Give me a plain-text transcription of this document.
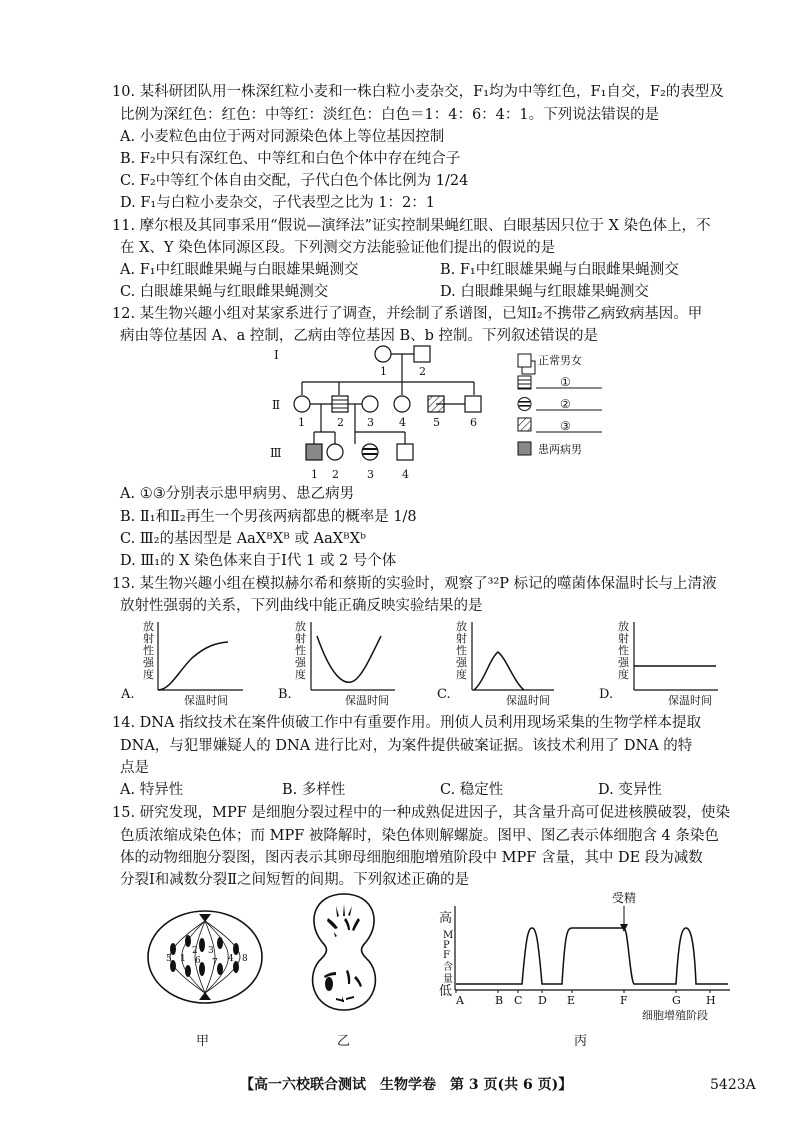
10. 某科研团队用一株深红粒小麦和一株白粒小麦杂交，F₁均为中等红色，F₁自交，F₂的表型及
比例为深红色：红色：中等红：淡红色：白色＝1：4：6：4：1。下列说法错误的是
A. 小麦粒色由位于两对同源染色体上等位基因控制
B. F₂中只有深红色、中等红和白色个体中存在纯合子
C. F₂中等红个体自由交配，子代白色个体比例为 1/24
D. F₁与白粒小麦杂交，子代表型之比为 1：2：1
11. 摩尔根及其同事采用“假说—演绎法”证实控制果蝇红眼、白眼基因只位于 X 染色体上，不
在 X、Y 染色体同源区段。下列测交方法能验证他们提出的假说的是
A. F₁中红眼雌果蝇与白眼雄果蝇测交	B. F₁中红眼雄果蝇与白眼雌果蝇测交
C. 白眼雄果蝇与红眼雌果蝇测交	D. 白眼雌果蝇与红眼雄果蝇测交
12. 某生物兴趣小组对某家系进行了调查，并绘制了系谱图，已知Ⅰ₂不携带乙病致病基因。甲
病由等位基因 A、a 控制，乙病由等位基因 B、b 控制。下列叙述错误的是
Ⅰ
Ⅱ
Ⅲ
1	2
1	2 3 4 5	6
1 2	3	4
正常男女
①
②
③
患两病男
A. ①③分别表示患甲病男、患乙病男
B. Ⅱ₁和Ⅱ₂再生一个男孩两病都患的概率是 1/8
C. Ⅲ₂的基因型是 AaXᴮXᴮ 或 AaXᴮXᵇ
D. Ⅲ₁的 X 染色体来自于Ⅰ代 1 或 2 号个体
13. 某生物兴趣小组在模拟赫尔希和蔡斯的实验时，观察了³²P 标记的噬菌体保温时长与上清液
放射性强弱的关系，下列曲线中能正确反映实验结果的是
A.
放
射
性
强
度
保温时间	B.
放
射
性
强
度
保温时间	C.
放
射
性
强
度
保温时间	D.
放
射
性
强
度
保温时间
14. DNA 指纹技术在案件侦破工作中有重要作用。刑侦人员利用现场采集的生物学样本提取
DNA，与犯罪嫌疑人的 DNA 进行比对，为案件提供破案证据。该技术利用了 DNA 的特
点是
A. 特异性	B. 多样性	C. 稳定性	D. 变异性
15. 研究发现，MPF 是细胞分裂过程中的一种成熟促进因子，其含量升高可促进核膜破裂，使染
色质浓缩成染色体；而 MPF 被降解时，染色体则解螺旋。图甲、图乙表示体细胞含 4 条染色
体的动物细胞分裂图，图丙表示其卵母细胞细胞增殖阶段中 MPF 含量，其中 DE 段为减数
分裂Ⅰ和减数分裂Ⅱ之间短暂的间期。下列叙述正确的是
1
2 3
4
5	6 7	8
高
低
M
P
F
含
量
受精
A	B C D E	F	G H
细胞增殖阶段
甲	乙	丙
【高一六校联合测试　生物学卷　第 3 页(共 6 页)】	5423A
